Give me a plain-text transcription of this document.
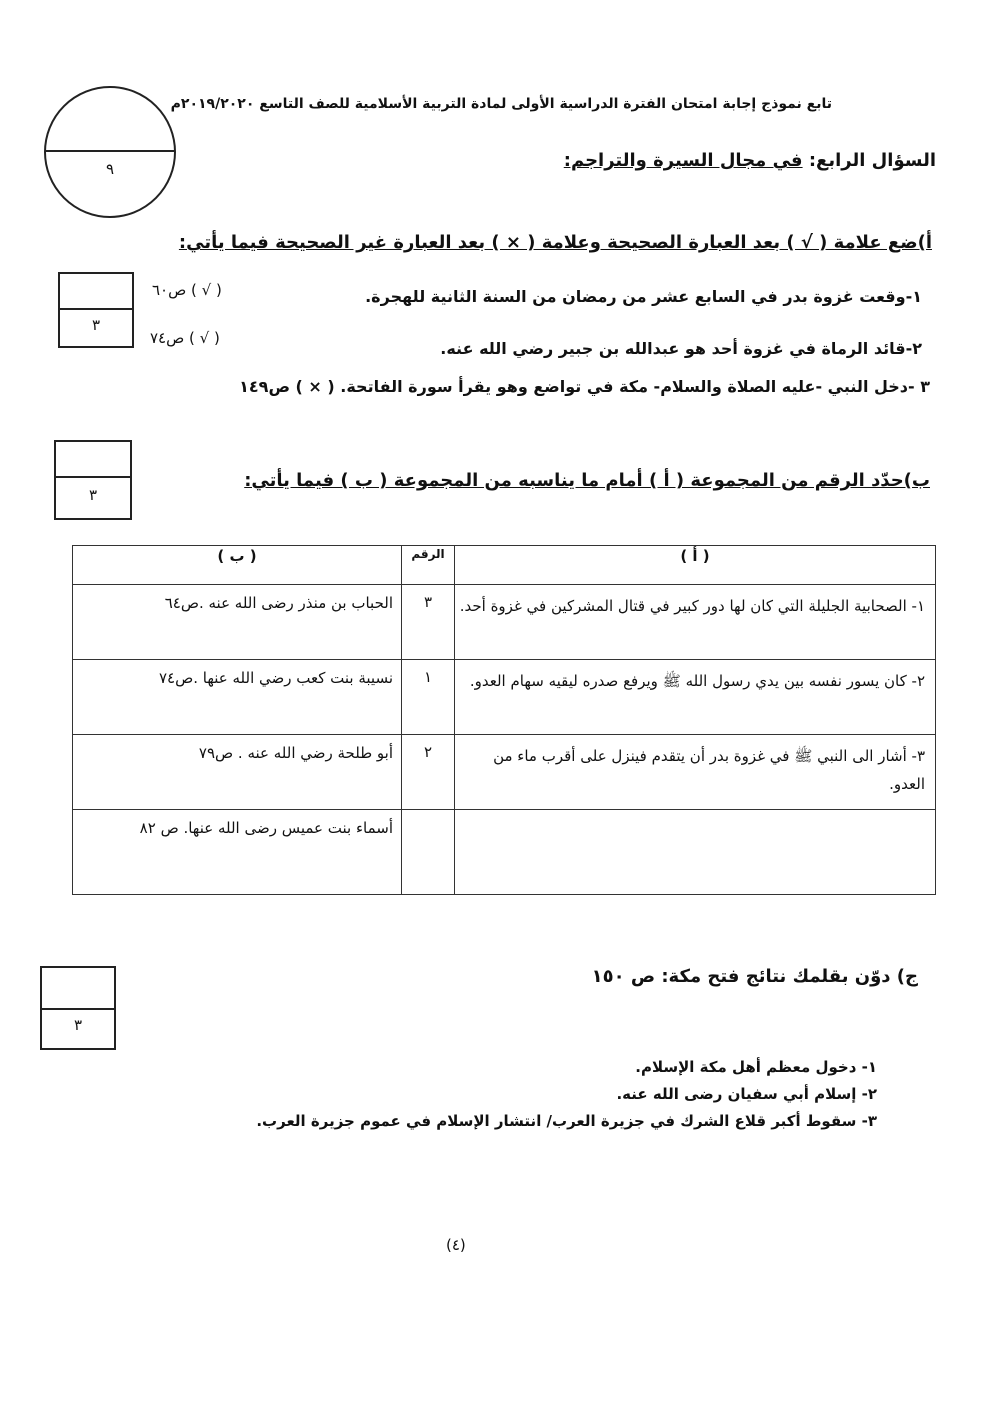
تابع نموذج إجابة امتحان الفترة الدراسية الأولى لمادة التربية الأسلامية للصف التاسع ٢٠١٩/٢٠٢٠م
٩	السؤال الرابع: في مجال السيرة والتراجم:
أ)ضع علامة ( √ ) بعد العبارة الصحيحة وعلامة ( × ) بعد العبارة غير الصحيحة فيما يأتي:
٣
١-وقعت غزوة بدر في السابع عشر من رمضان من السنة الثانية للهجرة.
( √ ) ص٦٠
٢-قائد الرماة في غزوة أحد هو عبدالله بن جبير رضي الله عنه.
( √ ) ص٧٤
٣ -دخل النبي -عليه الصلاة والسلام- مكة في تواضع وهو يقرأ سورة الفاتحة. ( × ) ص١٤٩
٣
ب)حدّد الرقم من المجموعة ( أ ) أمام ما يناسبه من المجموعة ( ب ) فيما يأتي:
( أ )	الرقم	( ب )
١- الصحابية الجليلة التي كان لها دور كبير في قتال المشركين في غزوة أحد.	٣	الحباب بن منذر رضى الله عنه .ص٦٤
٢- كان يسور نفسه بين يدي رسول الله ﷺ ويرفع صدره ليقيه سهام العدو.	١	نسيبة بنت كعب رضي الله عنها .ص٧٤
٣- أشار الى النبي ﷺ في غزوة بدر أن يتقدم فينزل على أقرب ماء من العدو.	٢	أبو طلحة رضي الله عنه . ص٧٩
		أسماء بنت عميس رضى الله عنها. ص ٨٢
٣
ج) دوّن بقلمك نتائج فتح مكة: ص ١٥٠
١- دخول معظم أهل مكة الإسلام.
٢- إسلام أبي سفيان رضى الله عنه.
٣- سقوط أكبر قلاع الشرك في جزيرة العرب/ انتشار الإسلام في عموم جزيرة العرب.
(٤)
